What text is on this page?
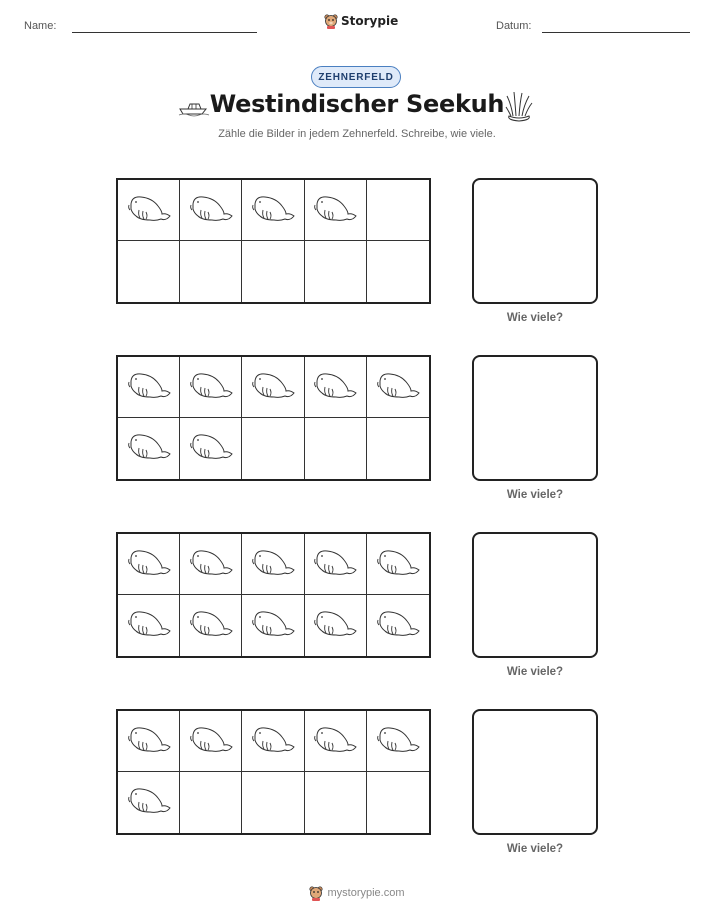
Name:	Storypie	Datum:
ZEHNERFELD
Westindischer Seekuh
Zähle die Bilder in jedem Zehnerfeld. Schreibe, wie viele.
Wie viele?
Wie viele?
Wie viele?
Wie viele?
mystorypie.com
